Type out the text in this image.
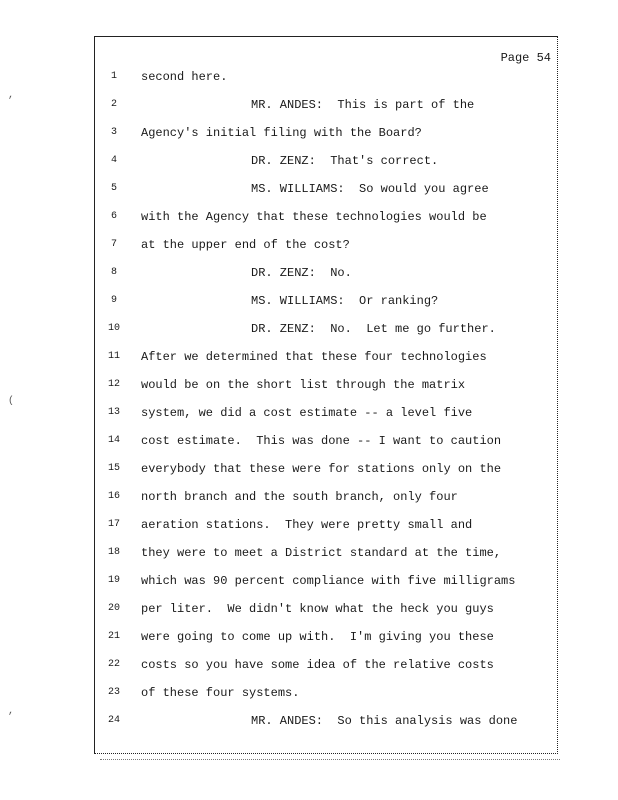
,
(
,
Page 54
1	second here.
2	MR. ANDES:  This is part of the
3	Agency's initial filing with the Board?
4	DR. ZENZ:  That's correct.
5	MS. WILLIAMS:  So would you agree
6	with the Agency that these technologies would be
7	at the upper end of the cost?
8	DR. ZENZ:  No.
9	MS. WILLIAMS:  Or ranking?
10	DR. ZENZ:  No.  Let me go further.
11	After we determined that these four technologies
12	would be on the short list through the matrix
13	system, we did a cost estimate -- a level five
14	cost estimate.  This was done -- I want to caution
15	everybody that these were for stations only on the
16	north branch and the south branch, only four
17	aeration stations.  They were pretty small and
18	they were to meet a District standard at the time,
19	which was 90 percent compliance with five milligrams
20	per liter.  We didn't know what the heck you guys
21	were going to come up with.  I'm giving you these
22	costs so you have some idea of the relative costs
23	of these four systems.
24	MR. ANDES:  So this analysis was done
